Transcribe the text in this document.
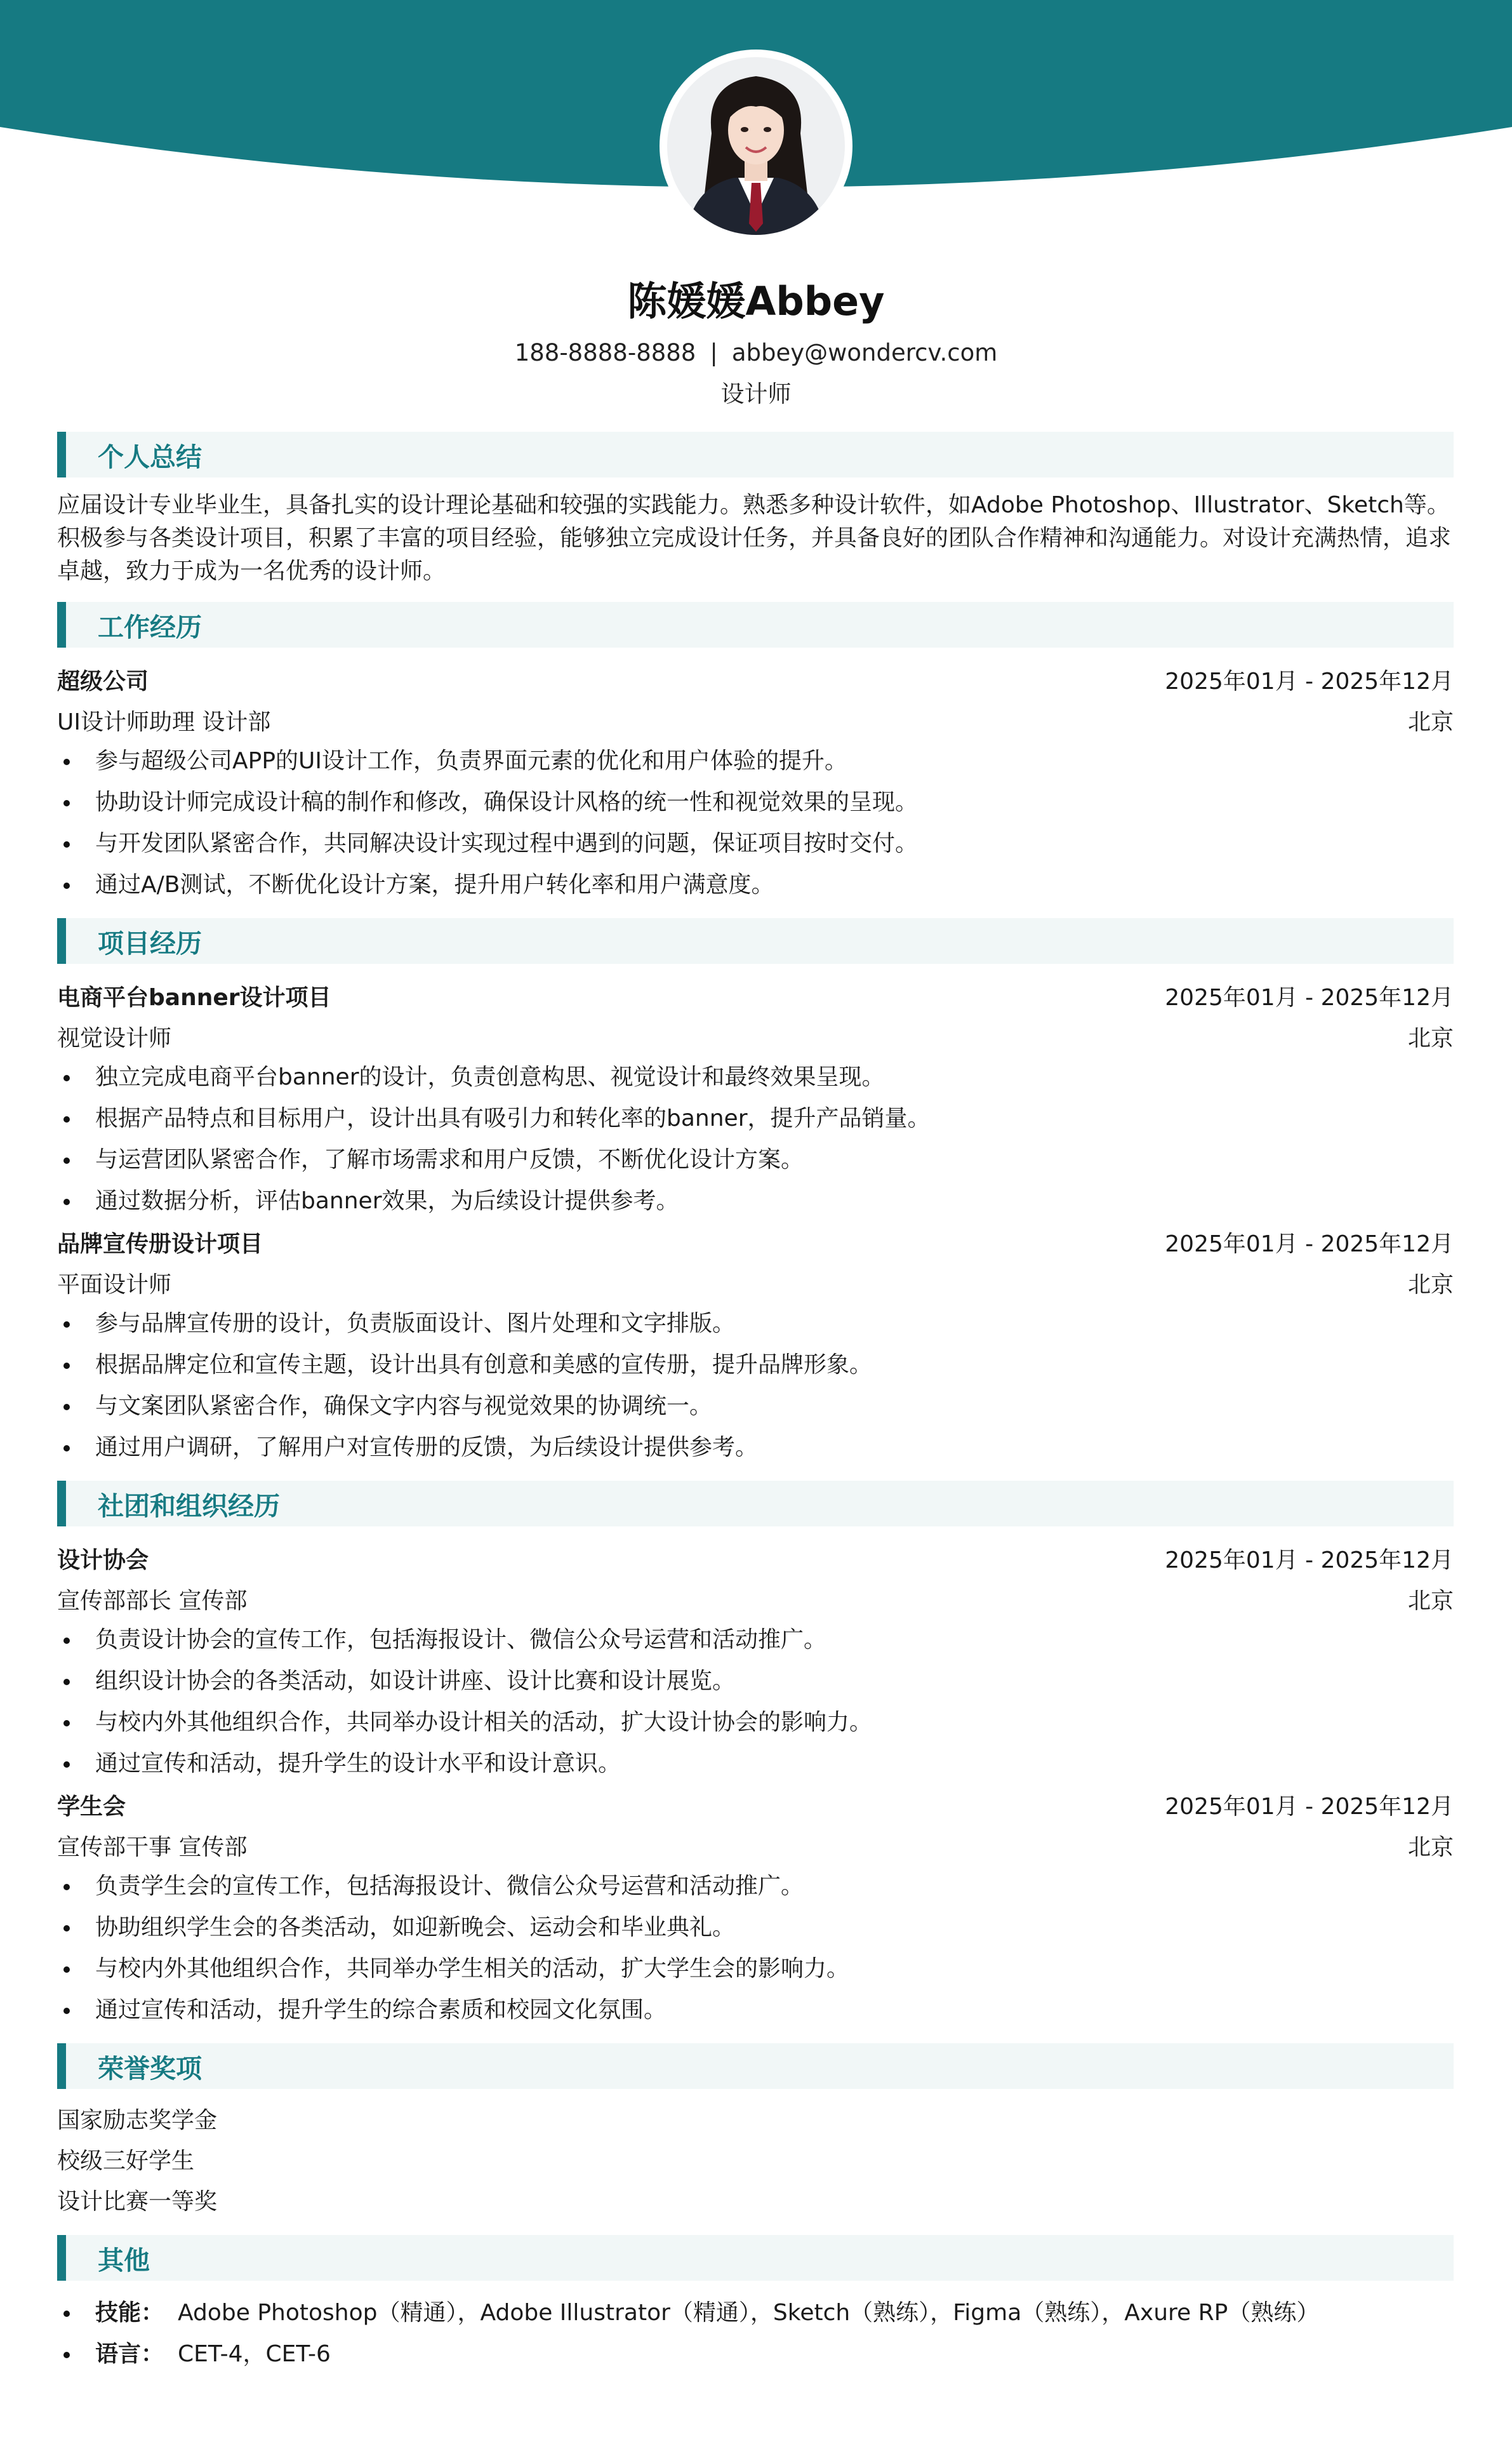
陈媛媛Abbey
188-8888-8888 | abbey@wondercv.com
设计师
个人总结
应届设计专业毕业生，具备扎实的设计理论基础和较强的实践能力。熟悉多种设计软件，如Adobe Photoshop、Illustrator、Sketch等。积极参与各类设计项目，积累了丰富的项目经验，能够独立完成设计任务，并具备良好的团队合作精神和沟通能力。对设计充满热情，追求卓越，致力于成为一名优秀的设计师。
工作经历
超级公司	2025年01月 - 2025年12月
UI设计师助理 设计部	北京
参与超级公司APP的UI设计工作，负责界面元素的优化和用户体验的提升。
协助设计师完成设计稿的制作和修改，确保设计风格的统一性和视觉效果的呈现。
与开发团队紧密合作，共同解决设计实现过程中遇到的问题，保证项目按时交付。
通过A/B测试，不断优化设计方案，提升用户转化率和用户满意度。
项目经历
电商平台banner设计项目	2025年01月 - 2025年12月
视觉设计师	北京
独立完成电商平台banner的设计，负责创意构思、视觉设计和最终效果呈现。
根据产品特点和目标用户，设计出具有吸引力和转化率的banner，提升产品销量。
与运营团队紧密合作，了解市场需求和用户反馈，不断优化设计方案。
通过数据分析，评估banner效果，为后续设计提供参考。
品牌宣传册设计项目	2025年01月 - 2025年12月
平面设计师	北京
参与品牌宣传册的设计，负责版面设计、图片处理和文字排版。
根据品牌定位和宣传主题，设计出具有创意和美感的宣传册，提升品牌形象。
与文案团队紧密合作，确保文字内容与视觉效果的协调统一。
通过用户调研，了解用户对宣传册的反馈，为后续设计提供参考。
社团和组织经历
设计协会	2025年01月 - 2025年12月
宣传部部长 宣传部	北京
负责设计协会的宣传工作，包括海报设计、微信公众号运营和活动推广。
组织设计协会的各类活动，如设计讲座、设计比赛和设计展览。
与校内外其他组织合作，共同举办设计相关的活动，扩大设计协会的影响力。
通过宣传和活动，提升学生的设计水平和设计意识。
学生会	2025年01月 - 2025年12月
宣传部干事 宣传部	北京
负责学生会的宣传工作，包括海报设计、微信公众号运营和活动推广。
协助组织学生会的各类活动，如迎新晚会、运动会和毕业典礼。
与校内外其他组织合作，共同举办学生相关的活动，扩大学生会的影响力。
通过宣传和活动，提升学生的综合素质和校园文化氛围。
荣誉奖项
国家励志奖学金
校级三好学生
设计比赛一等奖
其他
技能： Adobe Photoshop（精通），Adobe Illustrator（精通），Sketch（熟练），Figma（熟练），Axure RP（熟练）
语言： CET-4，CET-6
